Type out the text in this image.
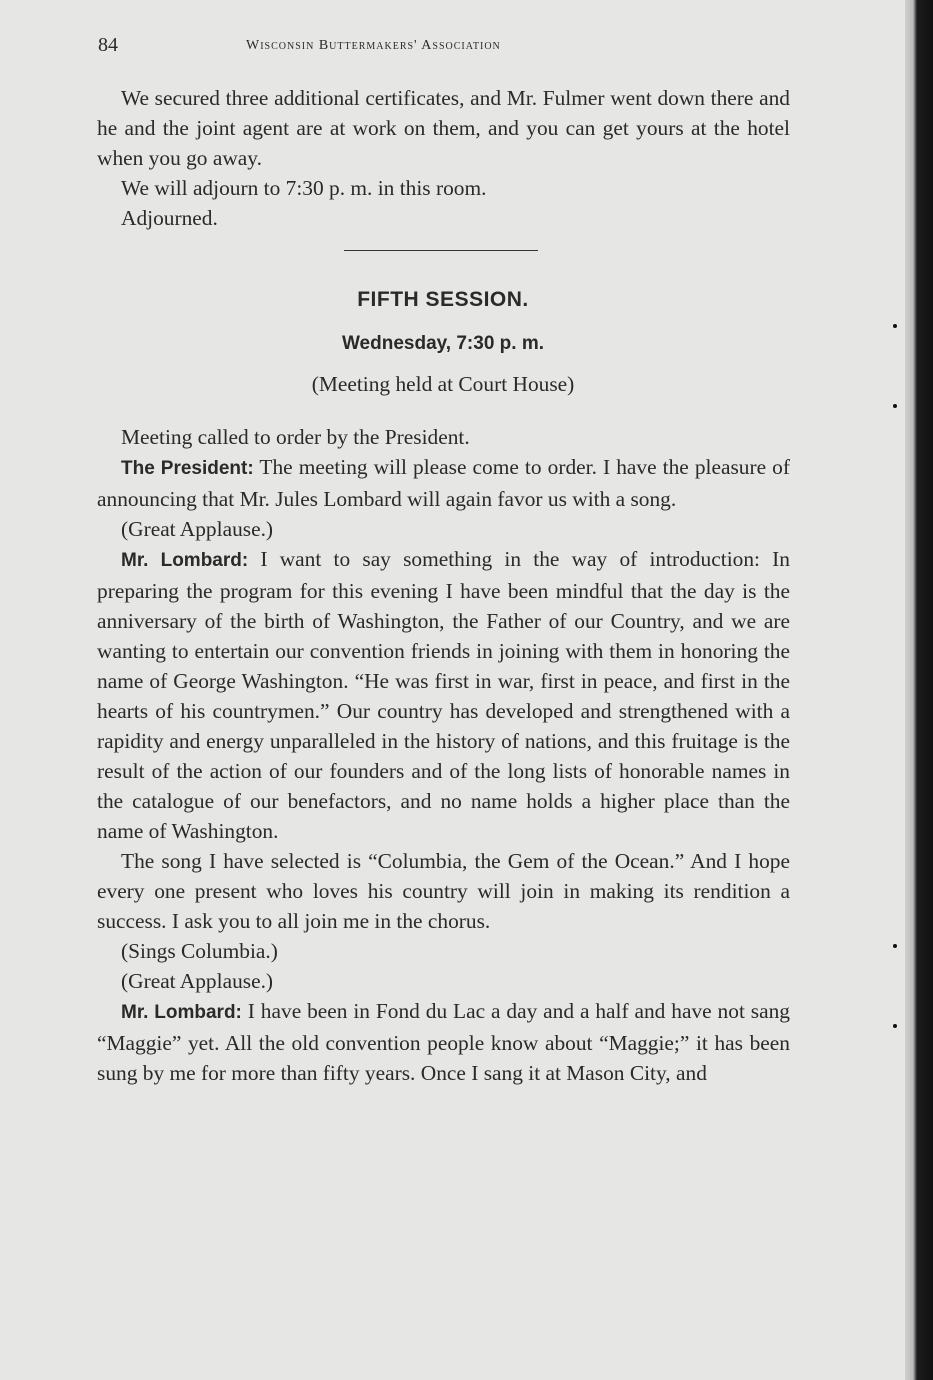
84	Wisconsin Buttermakers' Association

We secured three additional certificates, and Mr. Fulmer went down there and he and the joint agent are at work on them, and you can get yours at the hotel when you go away.

We will adjourn to 7:30 p. m. in this room.

Adjourned.

FIFTH SESSION.
Wednesday, 7:30 p. m.
(Meeting held at Court House)

Meeting called to order by the President.

The President: The meeting will please come to order. I have the pleasure of announcing that Mr. Jules Lombard will again favor us with a song.

(Great Applause.)

Mr. Lombard: I want to say something in the way of introduction: In preparing the program for this evening I have been mindful that the day is the anniversary of the birth of Washington, the Father of our Country, and we are wanting to entertain our convention friends in joining with them in honoring the name of George Washington. “He was first in war, first in peace, and first in the hearts of his countrymen.” Our country has developed and strengthened with a rapidity and energy unparalleled in the history of nations, and this fruitage is the result of the action of our founders and of the long lists of honorable names in the catalogue of our benefactors, and no name holds a higher place than the name of Washington.

The song I have selected is “Columbia, the Gem of the Ocean.” And I hope every one present who loves his country will join in making its rendition a success. I ask you to all join me in the chorus.

(Sings Columbia.)

(Great Applause.)

Mr. Lombard: I have been in Fond du Lac a day and a half and have not sang “Maggie” yet. All the old convention people know about “Maggie;” it has been sung by me for more than fifty years. Once I sang it at Mason City, and
